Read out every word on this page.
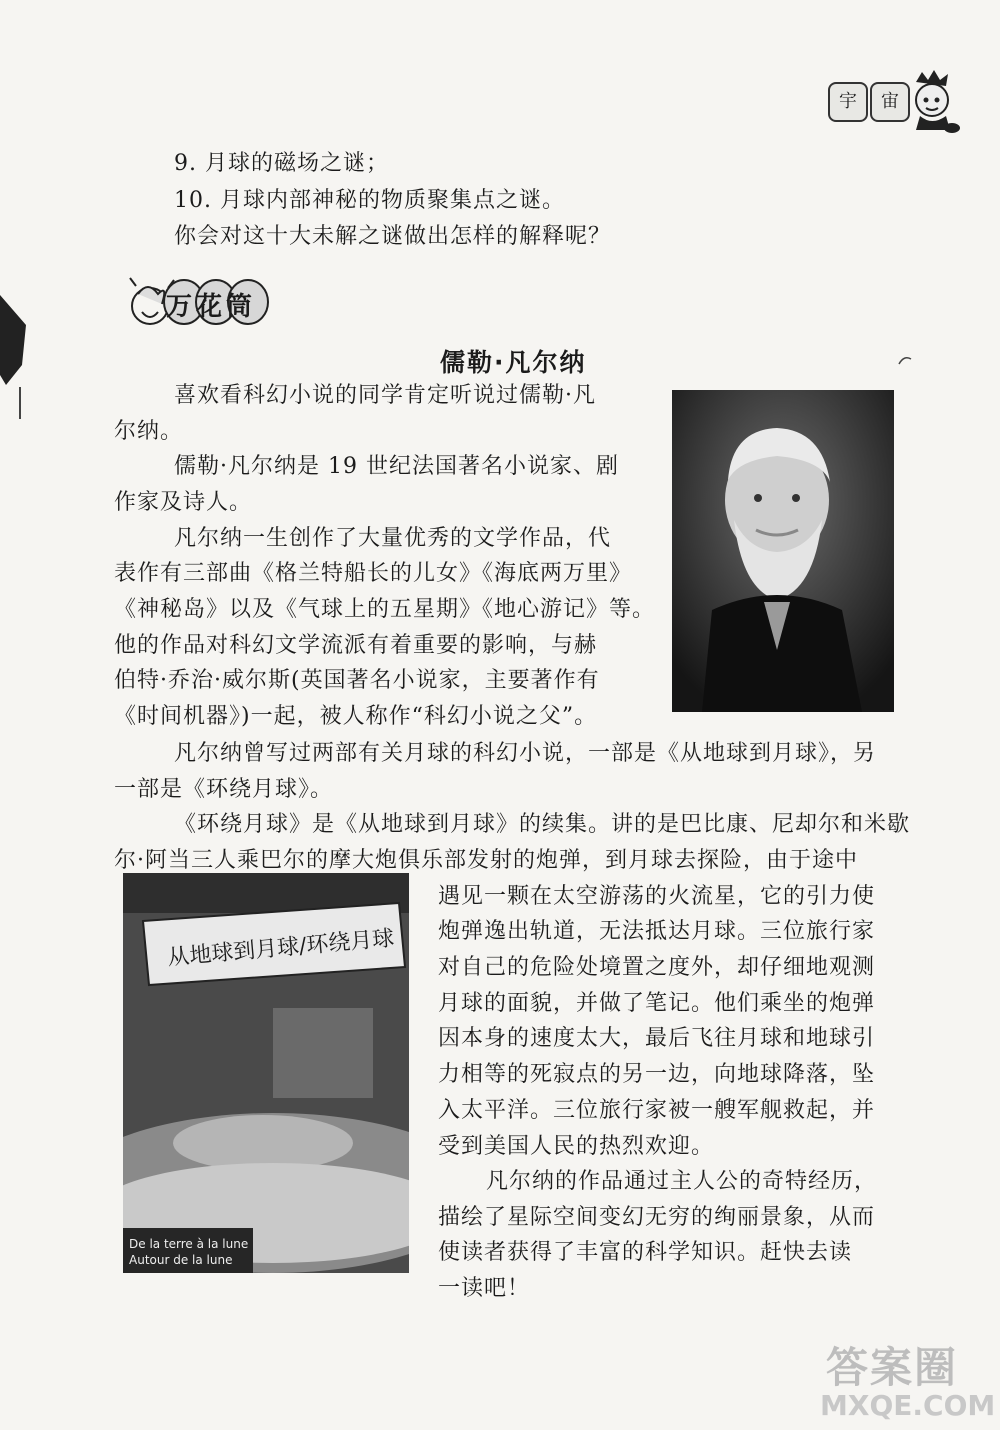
宇	宙
9. 月球的磁场之谜；
10. 月球内部神秘的物质聚集点之谜。
你会对这十大未解之谜做出怎样的解释呢？
万花筒
儒勒·凡尔纳
喜欢看科幻小说的同学肯定听说过儒勒·凡
尔纳。
儒勒·凡尔纳是 19 世纪法国著名小说家、剧
作家及诗人。
凡尔纳一生创作了大量优秀的文学作品，代
表作有三部曲《格兰特船长的儿女》《海底两万里》
《神秘岛》以及《气球上的五星期》《地心游记》等。
他的作品对科幻文学流派有着重要的影响，与赫
伯特·乔治·威尔斯(英国著名小说家，主要著作有
《时间机器》)一起，被人称作“科幻小说之父”。
凡尔纳曾写过两部有关月球的科幻小说，一部是《从地球到月球》，另
一部是《环绕月球》。
《环绕月球》是《从地球到月球》的续集。讲的是巴比康、尼却尔和米歇
尔·阿当三人乘巴尔的摩大炮俱乐部发射的炮弹，到月球去探险，由于途中
遇见一颗在太空游荡的火流星，它的引力使
炮弹逸出轨道，无法抵达月球。三位旅行家
对自己的危险处境置之度外，却仔细地观测
月球的面貌，并做了笔记。他们乘坐的炮弹
因本身的速度太大，最后飞往月球和地球引
力相等的死寂点的另一边，向地球降落，坠
入太平洋。三位旅行家被一艘军舰救起，并
受到美国人民的热烈欢迎。
凡尔纳的作品通过主人公的奇特经历，
描绘了星际空间变幻无穷的绚丽景象，从而
使读者获得了丰富的科学知识。赶快去读
一读吧！
从地球到月球/环绕月球
De la terre à la lune
Autour de la lune
答案圈
MXQE.COM
